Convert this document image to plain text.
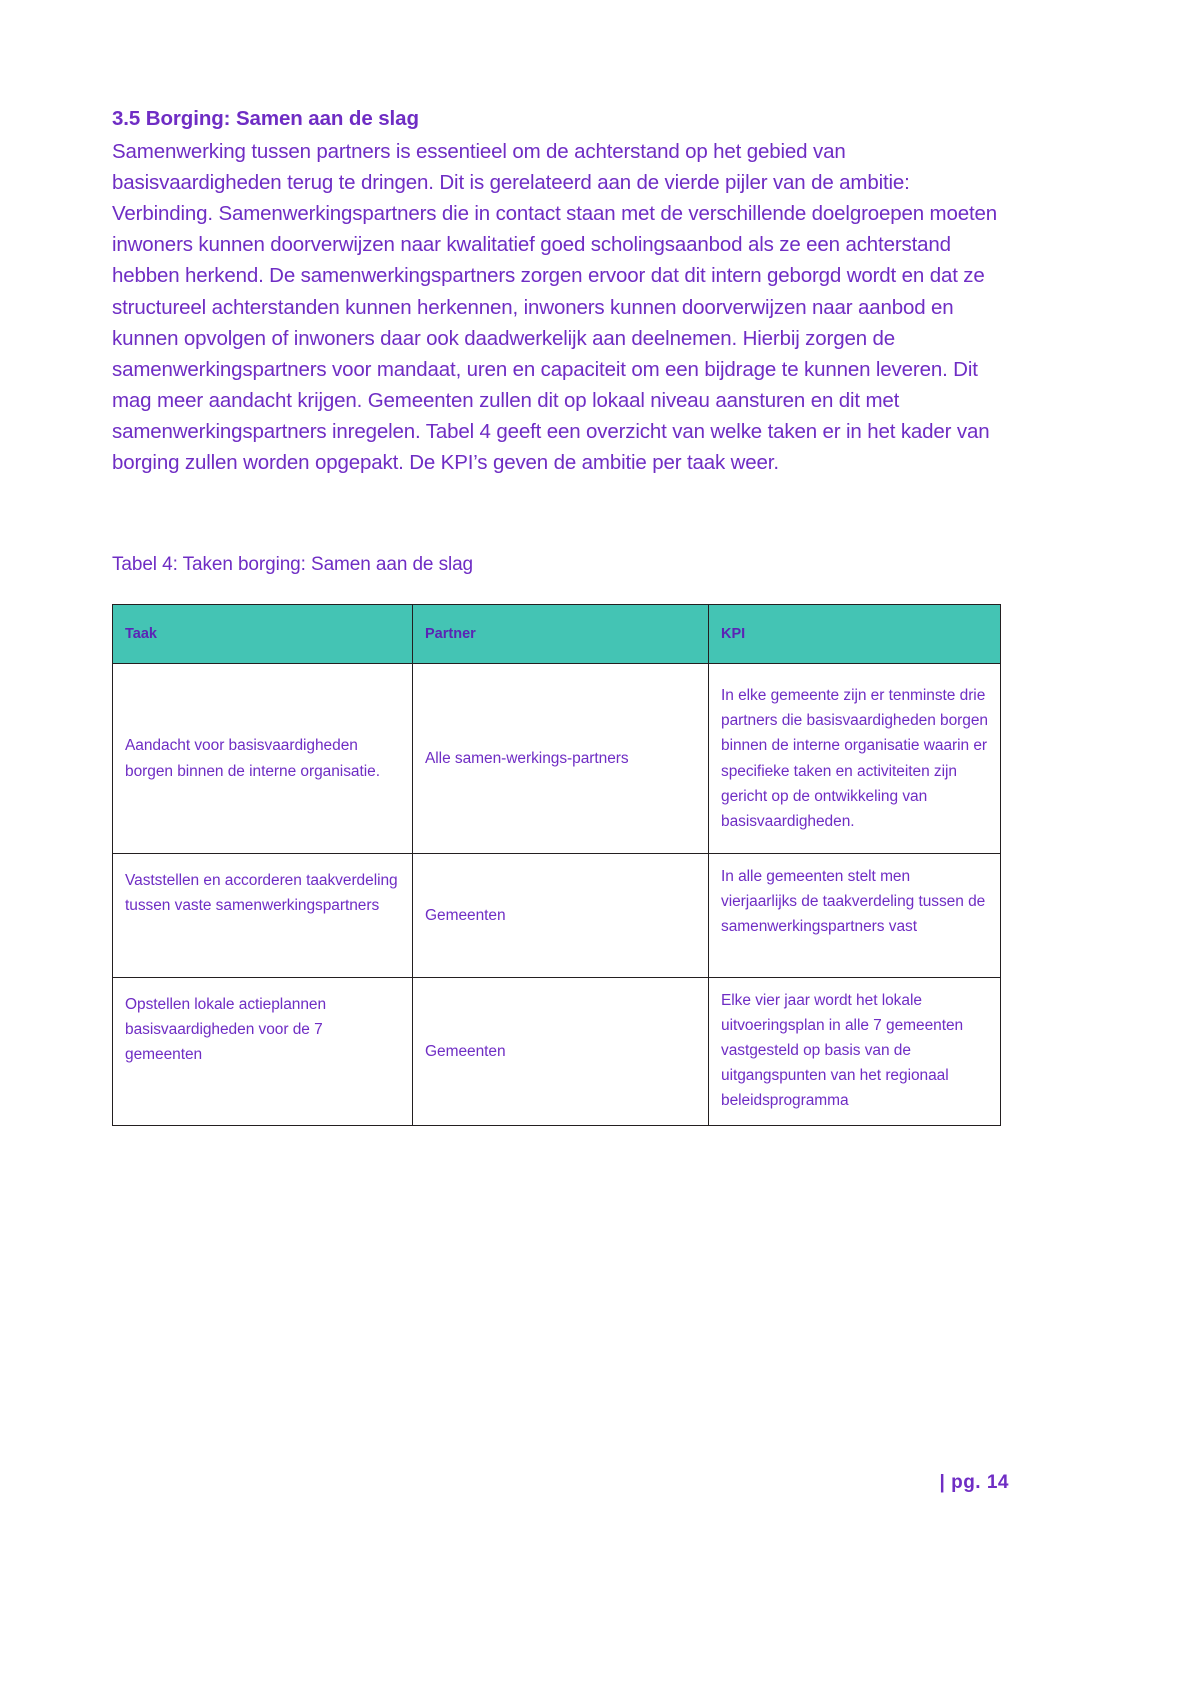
3.5 Borging: Samen aan de slag

Samenwerking tussen partners is essentieel om de achterstand op het gebied van basisvaardigheden terug te dringen. Dit is gerelateerd aan de vierde pijler van de ambitie: Verbinding. Samenwerkingspartners die in contact staan met de verschillende doelgroepen moeten inwoners kunnen doorverwijzen naar kwalitatief goed scholingsaanbod als ze een achterstand hebben herkend. De samenwerkingspartners zorgen ervoor dat dit intern geborgd wordt en dat ze structureel achterstanden kunnen herkennen, inwoners kunnen doorverwijzen naar aanbod en kunnen opvolgen of inwoners daar ook daadwerkelijk aan deelnemen. Hierbij zorgen de samenwerkingspartners voor mandaat, uren en capaciteit om een bijdrage te kunnen leveren. Dit mag meer aandacht krijgen. Gemeenten zullen dit op lokaal niveau aansturen en dit met samenwerkingspartners inregelen. Tabel 4 geeft een overzicht van welke taken er in het kader van borging zullen worden opgepakt. De KPI’s geven de ambitie per taak weer.

Tabel 4: Taken borging: Samen aan de slag

Taak	Partner	KPI
Aandacht voor basisvaardigheden borgen binnen de interne organisatie.	Alle samen-werkings-partners	In elke gemeente zijn er tenminste drie partners die basisvaardigheden borgen binnen de interne organisatie waarin er specifieke taken en activiteiten zijn gericht op de ontwikkeling van basisvaardigheden.
Vaststellen en accorderen taakverdeling tussen vaste samenwerkingspartners	Gemeenten	In alle gemeenten stelt men vierjaarlijks de taakverdeling tussen de samenwerkingspartners vast
Opstellen lokale actieplannen basisvaardigheden voor de 7 gemeenten	Gemeenten	Elke vier jaar wordt het lokale uitvoeringsplan in alle 7 gemeenten vastgesteld op basis van de uitgangspunten van het regionaal beleidsprogramma
| pg. 14
